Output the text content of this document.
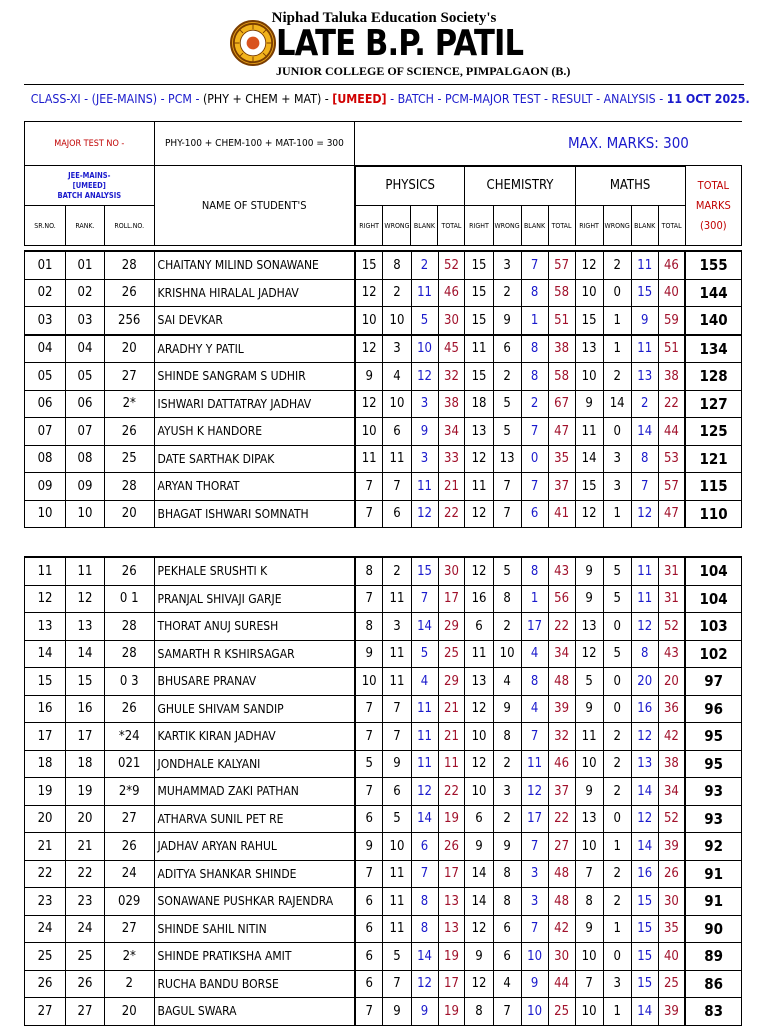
Niphad Taluka Education Society's
LATE B.P. PATIL
JUNIOR COLLEGE OF SCIENCE, PIMPALGAON (B.)
CLASS-XI - (JEE-MAINS) - PCM - (PHY + CHEM + MAT) - [UMEED] - BATCH - PCM-MAJOR TEST - RESULT - ANALYSIS - 11 OCT 2025.
MAJOR TEST NO -			PHY-100 + CHEM-100 + MAT-100 = 300	MAX. MARKS: 300												
JEE-MAINS-
[UMEED]
BATCH ANALYSIS			NAME OF STUDENT'S	PHYSICS				CHEMISTRY				MATHS				TOTAL MARKS (300)
SR.NO.	RANK.	ROLL.NO.		RIGHT	WRONG	BLANK	TOTAL	RIGHT	WRONG	BLANK	TOTAL	RIGHT	WRONG	BLANK	TOTAL	
01	01	28	CHAITANY MILIND SONAWANE	15	8	2	52	15	3	7	57	12	2	11	46	155
02	02	26	KRISHNA HIRALAL JADHAV	12	2	11	46	15	2	8	58	10	0	15	40	144
03	03	256	SAI DEVKAR	10	10	5	30	15	9	1	51	15	1	9	59	140
04	04	20	ARADHY Y PATIL	12	3	10	45	11	6	8	38	13	1	11	51	134
05	05	27	SHINDE SANGRAM S UDHIR	9	4	12	32	15	2	8	58	10	2	13	38	128
06	06	2*	ISHWARI DATTATRAY JADHAV	12	10	3	38	18	5	2	67	9	14	2	22	127
07	07	26	AYUSH K HANDORE	10	6	9	34	13	5	7	47	11	0	14	44	125
08	08	25	DATE SARTHAK DIPAK	11	11	3	33	12	13	0	35	14	3	8	53	121
09	09	28	ARYAN THORAT	7	7	11	21	11	7	7	37	15	3	7	57	115
10	10	20	BHAGAT ISHWARI SOMNATH	7	6	12	22	12	7	6	41	12	1	12	47	110
11	11	26	PEKHALE SRUSHTI K	8	2	15	30	12	5	8	43	9	5	11	31	104
12	12	0 1	PRANJAL SHIVAJI GARJE	7	11	7	17	16	8	1	56	9	5	11	31	104
13	13	28	THORAT ANUJ SURESH	8	3	14	29	6	2	17	22	13	0	12	52	103
14	14	28	SAMARTH R KSHIRSAGAR	9	11	5	25	11	10	4	34	12	5	8	43	102
15	15	0 3	BHUSARE PRANAV	10	11	4	29	13	4	8	48	5	0	20	20	97
16	16	26	GHULE SHIVAM SANDIP	7	7	11	21	12	9	4	39	9	0	16	36	96
17	17	*24	KARTIK KIRAN JADHAV	7	7	11	21	10	8	7	32	11	2	12	42	95
18	18	021	JONDHALE KALYANI	5	9	11	11	12	2	11	46	10	2	13	38	95
19	19	2*9	MUHAMMAD ZAKI PATHAN	7	6	12	22	10	3	12	37	9	2	14	34	93
20	20	27	ATHARVA SUNIL PET RE	6	5	14	19	6	2	17	22	13	0	12	52	93
21	21	26	JADHAV ARYAN RAHUL	9	10	6	26	9	9	7	27	10	1	14	39	92
22	22	24	ADITYA SHANKAR SHINDE	7	11	7	17	14	8	3	48	7	2	16	26	91
23	23	029	SONAWANE PUSHKAR RAJENDRA	6	11	8	13	14	8	3	48	8	2	15	30	91
24	24	27	SHINDE SAHIL NITIN	6	11	8	13	12	6	7	42	9	1	15	35	90
25	25	2*	SHINDE PRATIKSHA AMIT	6	5	14	19	9	6	10	30	10	0	15	40	89
26	26	2	RUCHA BANDU BORSE	6	7	12	17	12	4	9	44	7	3	15	25	86
27	27	20	BAGUL SWARA	7	9	9	19	8	7	10	25	10	1	14	39	83
